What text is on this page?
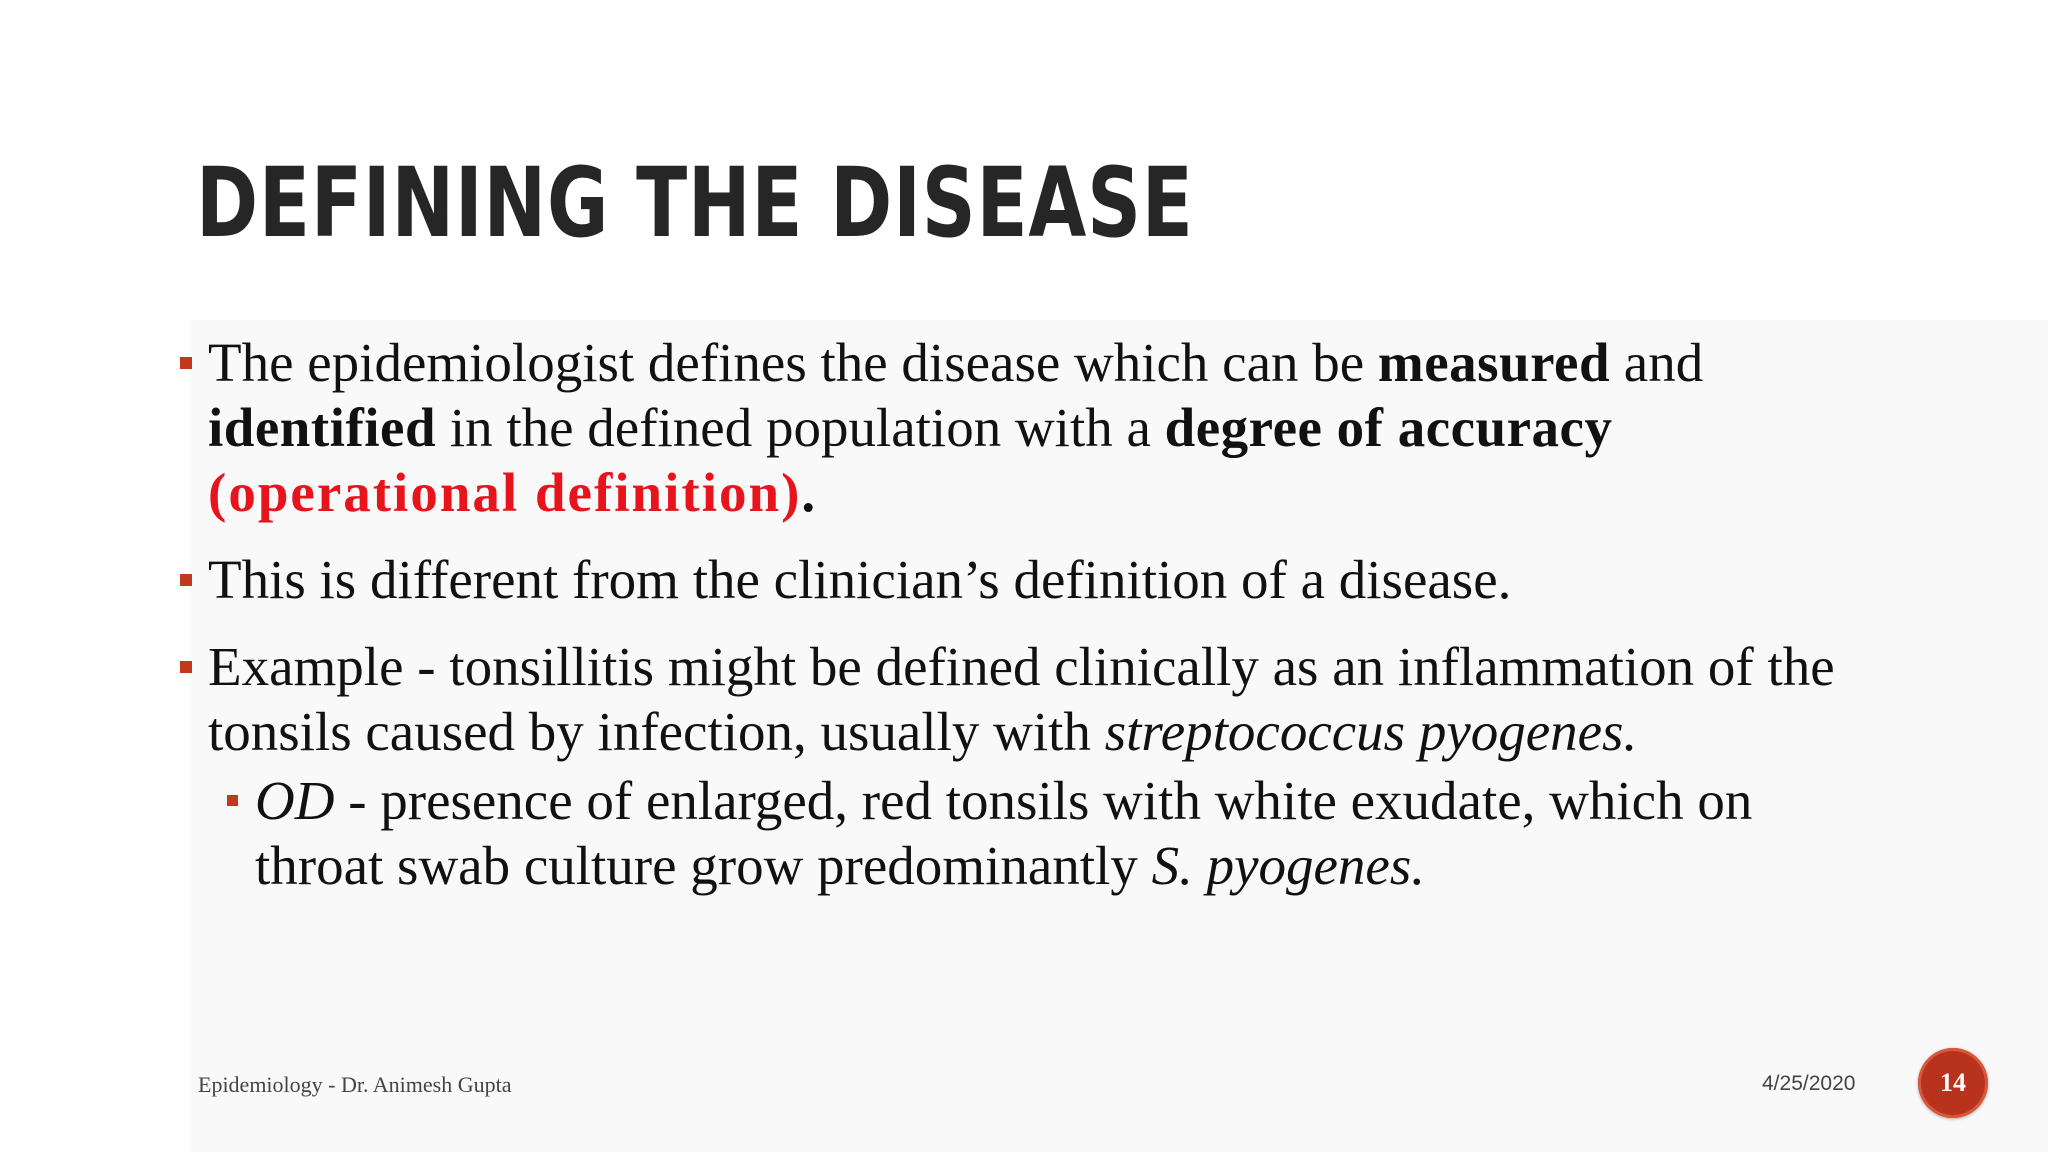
DEFINING THE DISEASE
The epidemiologist defines the disease which can be measured and identified in the defined population with a degree of accuracy (operational definition).
This is different from the clinician’s definition of a disease.
Example - tonsillitis might be defined clinically as an inflammation of the tonsils caused by infection, usually with streptococcus pyogenes.
OD - presence of enlarged, red tonsils with white exudate, which on throat swab culture grow predominantly S. pyogenes.
Epidemiology - Dr. Animesh Gupta	4/25/2020	14
